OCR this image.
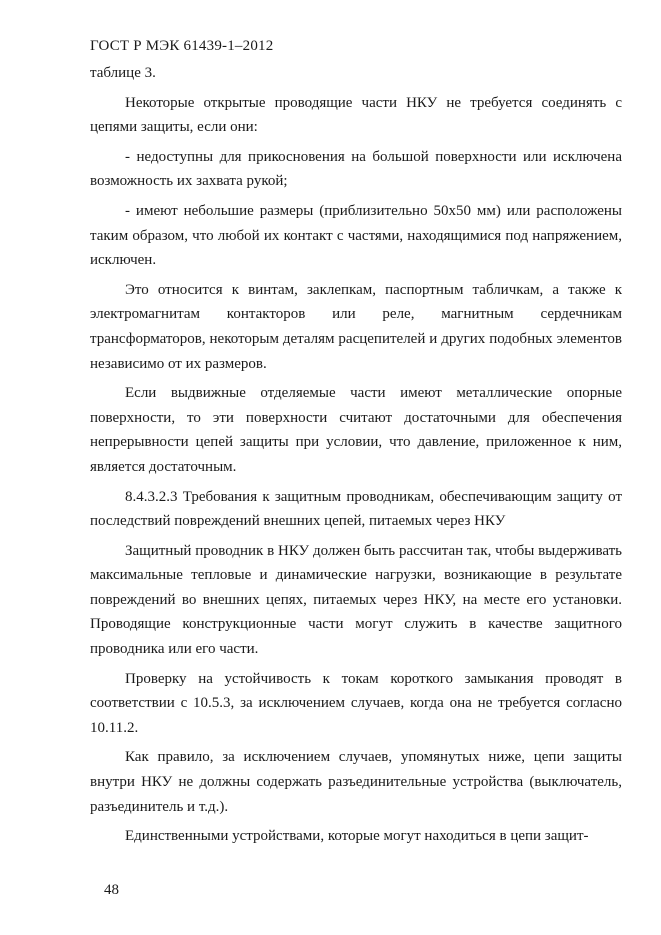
ГОСТ Р МЭК 61439-1–2012

таблице 3.

Некоторые открытые проводящие части НКУ не требуется соединять с цепями защиты, если они:

- недоступны для прикосновения на большой поверхности или исключена возможность их захвата рукой;

- имеют небольшие размеры (приблизительно 50х50 мм) или расположены таким образом, что любой их контакт с частями, находящимися под напряжением, исключен.

Это относится к винтам, заклепкам, паспортным табличкам, а также к электромагнитам контакторов или реле, магнитным сердечникам трансформаторов, некоторым деталям расцепителей и других подобных элементов независимо от их размеров.

Если выдвижные отделяемые части имеют металлические опорные поверхности, то эти поверхности считают достаточными для обеспечения непрерывности цепей защиты при условии, что давление, приложенное к ним, является достаточным.

8.4.3.2.3 Требования к защитным проводникам, обеспечивающим защиту от последствий повреждений внешних цепей, питаемых через НКУ

Защитный проводник в НКУ должен быть рассчитан так, чтобы выдерживать максимальные тепловые и динамические нагрузки, возникающие в результате повреждений во внешних цепях, питаемых через НКУ, на месте его установки. Проводящие конструкционные части могут служить в качестве защитного проводника или его части.

Проверку на устойчивость к токам короткого замыкания проводят в соответствии с 10.5.3, за исключением случаев, когда она не требуется согласно 10.11.2.

Как правило, за исключением случаев, упомянутых ниже, цепи защиты внутри НКУ не должны содержать разъединительные устройства (выключатель, разъединитель и т.д.).

Единственными устройствами, которые могут находиться в цепи защит-

48
